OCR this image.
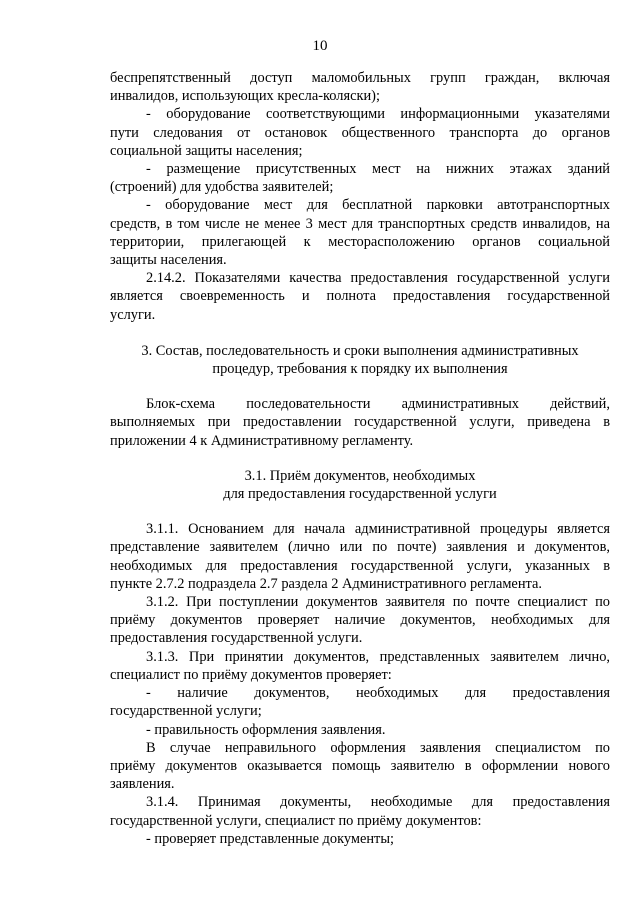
10
беспрепятственный доступ маломобильных групп граждан, включая
инвалидов, использующих кресла-коляски);
- оборудование соответствующими информационными указателями
пути следования от остановок общественного транспорта до органов
социальной защиты населения;
- размещение присутственных мест на нижних этажах зданий
(строений) для удобства заявителей;
- оборудование мест для бесплатной парковки автотранспортных
средств, в том числе не менее 3 мест для транспортных средств инвалидов, на
территории, прилегающей к месторасположению органов социальной
защиты населения.
2.14.2. Показателями качества предоставления государственной услуги
является своевременность и полнота предоставления государственной
услуги.
3. Состав, последовательность и сроки выполнения административных
процедур, требования к порядку их выполнения
Блок-схема последовательности административных действий,
выполняемых при предоставлении государственной услуги, приведена в
приложении 4 к Административному регламенту.
3.1. Приём документов, необходимых
для предоставления государственной услуги
3.1.1. Основанием для начала административной процедуры является
представление заявителем (лично или по почте) заявления и документов,
необходимых для предоставления государственной услуги, указанных в
пункте 2.7.2 подраздела 2.7 раздела 2 Административного регламента.
3.1.2. При поступлении документов заявителя по почте специалист по
приёму документов проверяет наличие документов, необходимых для
предоставления государственной услуги.
3.1.3. При принятии документов, представленных заявителем лично,
специалист по приёму документов проверяет:
- наличие документов, необходимых для предоставления
государственной услуги;
- правильность оформления заявления.
В случае неправильного оформления заявления специалистом по
приёму документов оказывается помощь заявителю в оформлении нового
заявления.
3.1.4. Принимая документы, необходимые для предоставления
государственной услуги, специалист по приёму документов:
- проверяет представленные документы;
